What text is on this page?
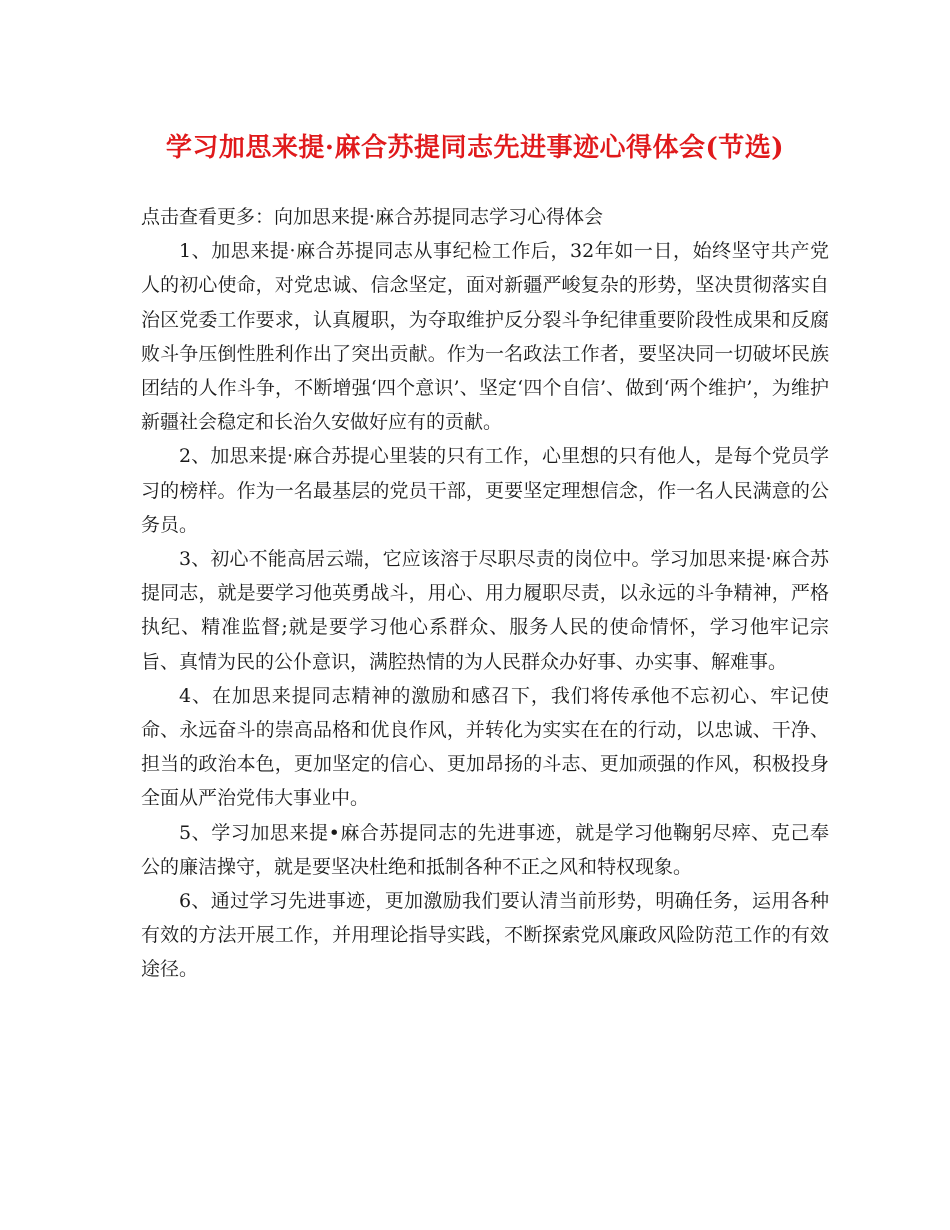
学习加思来提·麻合苏提同志先进事迹心得体会(节选)

点击查看更多：向加思来提·麻合苏提同志学习心得体会

1、加思来提·麻合苏提同志从事纪检工作后，32年如一日，始终坚守共产党人的初心使命，对党忠诚、信念坚定，面对新疆严峻复杂的形势，坚决贯彻落实自治区党委工作要求，认真履职，为夺取维护反分裂斗争纪律重要阶段性成果和反腐败斗争压倒性胜利作出了突出贡献。作为一名政法工作者，要坚决同一切破坏民族团结的人作斗争，不断增强‘四个意识’、坚定‘四个自信’、做到‘两个维护’，为维护新疆社会稳定和长治久安做好应有的贡献。

2、加思来提·麻合苏提心里装的只有工作，心里想的只有他人，是每个党员学习的榜样。作为一名最基层的党员干部，更要坚定理想信念，作一名人民满意的公务员。

3、初心不能高居云端，它应该溶于尽职尽责的岗位中。学习加思来提·麻合苏提同志，就是要学习他英勇战斗，用心、用力履职尽责，以永远的斗争精神，严格执纪、精准监督;就是要学习他心系群众、服务人民的使命情怀，学习他牢记宗旨、真情为民的公仆意识，满腔热情的为人民群众办好事、办实事、解难事。

4、在加思来提同志精神的激励和感召下，我们将传承他不忘初心、牢记使命、永远奋斗的崇高品格和优良作风，并转化为实实在在的行动，以忠诚、干净、担当的政治本色，更加坚定的信心、更加昂扬的斗志、更加顽强的作风，积极投身全面从严治党伟大事业中。

5、学习加思来提•麻合苏提同志的先进事迹，就是学习他鞠躬尽瘁、克己奉公的廉洁操守，就是要坚决杜绝和抵制各种不正之风和特权现象。

6、通过学习先进事迹，更加激励我们要认清当前形势，明确任务，运用各种有效的方法开展工作，并用理论指导实践，不断探索党风廉政风险防范工作的有效途径。
